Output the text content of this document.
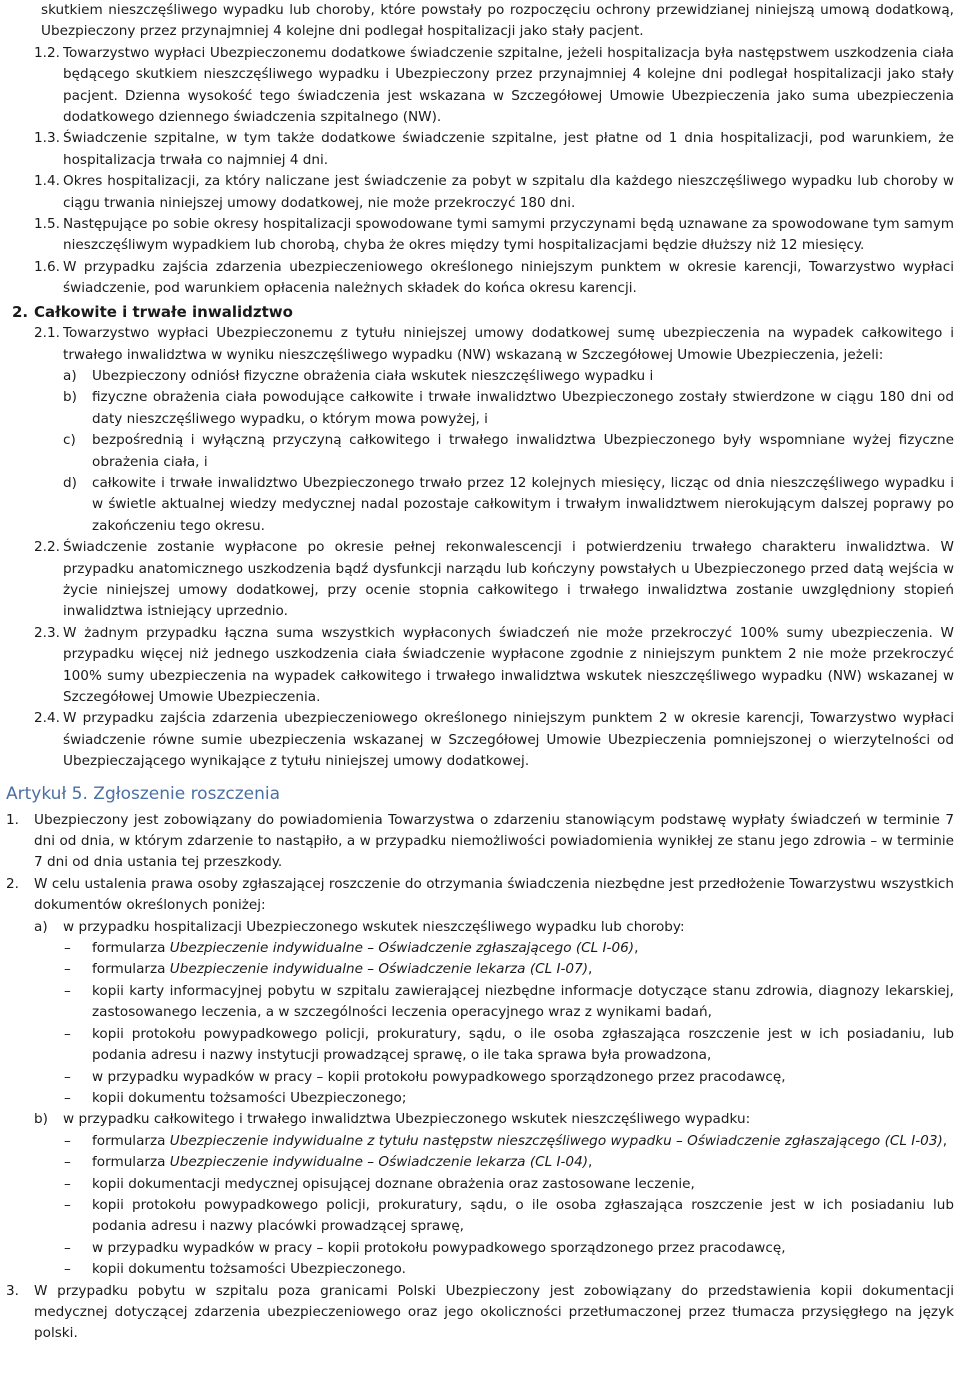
skutkiem nieszczęśliwego wypadku lub choroby, które powstały po rozpoczęciu ochrony przewidzianej niniejszą umową dodatkową, Ubezpieczony przez przynajmniej 4 kolejne dni podlegał hospitalizacji jako stały pacjent.

1.2. Towarzystwo wypłaci Ubezpieczonemu dodatkowe świadczenie szpitalne, jeżeli hospitalizacja była następstwem uszkodzenia ciała będącego skutkiem nieszczęśliwego wypadku i Ubezpieczony przez przynajmniej 4 kolejne dni podlegał hospitalizacji jako stały pacjent. Dzienna wysokość tego świadczenia jest wskazana w Szczegółowej Umowie Ubezpieczenia jako suma ubezpieczenia dodatkowego dziennego świadczenia szpitalnego (NW).
1.3. Świadczenie szpitalne, w tym także dodatkowe świadczenie szpitalne, jest płatne od 1 dnia hospitalizacji, pod warunkiem, że hospitalizacja trwała co najmniej 4 dni.
1.4. Okres hospitalizacji, za który naliczane jest świadczenie za pobyt w szpitalu dla każdego nieszczęśliwego wypadku lub choroby w ciągu trwania niniejszej umowy dodatkowej, nie może przekroczyć 180 dni.
1.5. Następujące po sobie okresy hospitalizacji spowodowane tymi samymi przyczynami będą uznawane za spowodowane tym samym nieszczęśliwym wypadkiem lub chorobą, chyba że okres między tymi hospitalizacjami będzie dłuższy niż 12 miesięcy.
1.6. W przypadku zajścia zdarzenia ubezpieczeniowego określonego niniejszym punktem w okresie karencji, Towarzystwo wypłaci świadczenie, pod warunkiem opłacenia należnych składek do końca okresu karencji.
2. Całkowite i trwałe inwalidztwo
2.1. Towarzystwo wypłaci Ubezpieczonemu z tytułu niniejszej umowy dodatkowej sumę ubezpieczenia na wypadek całkowitego i trwałego inwalidztwa w wyniku nieszczęśliwego wypadku (NW) wskazaną w Szczegółowej Umowie Ubezpieczenia, jeżeli:
a) Ubezpieczony odniósł fizyczne obrażenia ciała wskutek nieszczęśliwego wypadku i
b) fizyczne obrażenia ciała powodujące całkowite i trwałe inwalidztwo Ubezpieczonego zostały stwierdzone w ciągu 180 dni od daty nieszczęśliwego wypadku, o którym mowa powyżej, i
c) bezpośrednią i wyłączną przyczyną całkowitego i trwałego inwalidztwa Ubezpieczonego były wspomniane wyżej fizyczne obrażenia ciała, i
d) całkowite i trwałe inwalidztwo Ubezpieczonego trwało przez 12 kolejnych miesięcy, licząc od dnia nieszczęśliwego wypadku i w świetle aktualnej wiedzy medycznej nadal pozostaje całkowitym i trwałym inwalidztwem nierokującym dalszej poprawy po zakończeniu tego okresu.
2.2. Świadczenie zostanie wypłacone po okresie pełnej rekonwalescencji i potwierdzeniu trwałego charakteru inwalidztwa. W przypadku anatomicznego uszkodzenia bądź dysfunkcji narządu lub kończyny powstałych u Ubezpieczonego przed datą wejścia w życie niniejszej umowy dodatkowej, przy ocenie stopnia całkowitego i trwałego inwalidztwa zostanie uwzględniony stopień inwalidztwa istniejący uprzednio.
2.3. W żadnym przypadku łączna suma wszystkich wypłaconych świadczeń nie może przekroczyć 100% sumy ubezpieczenia. W przypadku więcej niż jednego uszkodzenia ciała świadczenie wypłacone zgodnie z niniejszym punktem 2 nie może przekroczyć 100% sumy ubezpieczenia na wypadek całkowitego i trwałego inwalidztwa wskutek nieszczęśliwego wypadku (NW) wskazanej w Szczegółowej Umowie Ubezpieczenia.
2.4. W przypadku zajścia zdarzenia ubezpieczeniowego określonego niniejszym punktem 2 w okresie karencji, Towarzystwo wypłaci świadczenie równe sumie ubezpieczenia wskazanej w Szczegółowej Umowie Ubezpieczenia pomniejszonej o wierzytelności od Ubezpieczającego wynikające z tytułu niniejszej umowy dodatkowej.
Artykuł 5. Zgłoszenie roszczenia
1. Ubezpieczony jest zobowiązany do powiadomienia Towarzystwa o zdarzeniu stanowiącym podstawę wypłaty świadczeń w terminie 7 dni od dnia, w którym zdarzenie to nastąpiło, a w przypadku niemożliwości powiadomienia wynikłej ze stanu jego zdrowia – w terminie 7 dni od dnia ustania tej przeszkody.
2. W celu ustalenia prawa osoby zgłaszającej roszczenie do otrzymania świadczenia niezbędne jest przedłożenie Towarzystwu wszystkich dokumentów określonych poniżej:
a) w przypadku hospitalizacji Ubezpieczonego wskutek nieszczęśliwego wypadku lub choroby:
– formularza Ubezpieczenie indywidualne – Oświadczenie zgłaszającego (CL I-06),
– formularza Ubezpieczenie indywidualne – Oświadczenie lekarza (CL I-07),
– kopii karty informacyjnej pobytu w szpitalu zawierającej niezbędne informacje dotyczące stanu zdrowia, diagnozy lekarskiej, zastosowanego leczenia, a w szczególności leczenia operacyjnego wraz z wynikami badań,
– kopii protokołu powypadkowego policji, prokuratury, sądu, o ile osoba zgłaszająca roszczenie jest w ich posiadaniu, lub podania adresu i nazwy instytucji prowadzącej sprawę, o ile taka sprawa była prowadzona,
– w przypadku wypadków w pracy – kopii protokołu powypadkowego sporządzonego przez pracodawcę,
– kopii dokumentu tożsamości Ubezpieczonego;
b) w przypadku całkowitego i trwałego inwalidztwa Ubezpieczonego wskutek nieszczęśliwego wypadku:
– formularza Ubezpieczenie indywidualne z tytułu następstw nieszczęśliwego wypadku – Oświadczenie zgłaszającego (CL I-03),
– formularza Ubezpieczenie indywidualne – Oświadczenie lekarza (CL I-04),
– kopii dokumentacji medycznej opisującej doznane obrażenia oraz zastosowane leczenie,
– kopii protokołu powypadkowego policji, prokuratury, sądu, o ile osoba zgłaszająca roszczenie jest w ich posiadaniu lub podania adresu i nazwy placówki prowadzącej sprawę,
– w przypadku wypadków w pracy – kopii protokołu powypadkowego sporządzonego przez pracodawcę,
– kopii dokumentu tożsamości Ubezpieczonego.
3. W przypadku pobytu w szpitalu poza granicami Polski Ubezpieczony jest zobowiązany do przedstawienia kopii dokumentacji medycznej dotyczącej zdarzenia ubezpieczeniowego oraz jego okoliczności przetłumaczonej przez tłumacza przysięgłego na język polski.
